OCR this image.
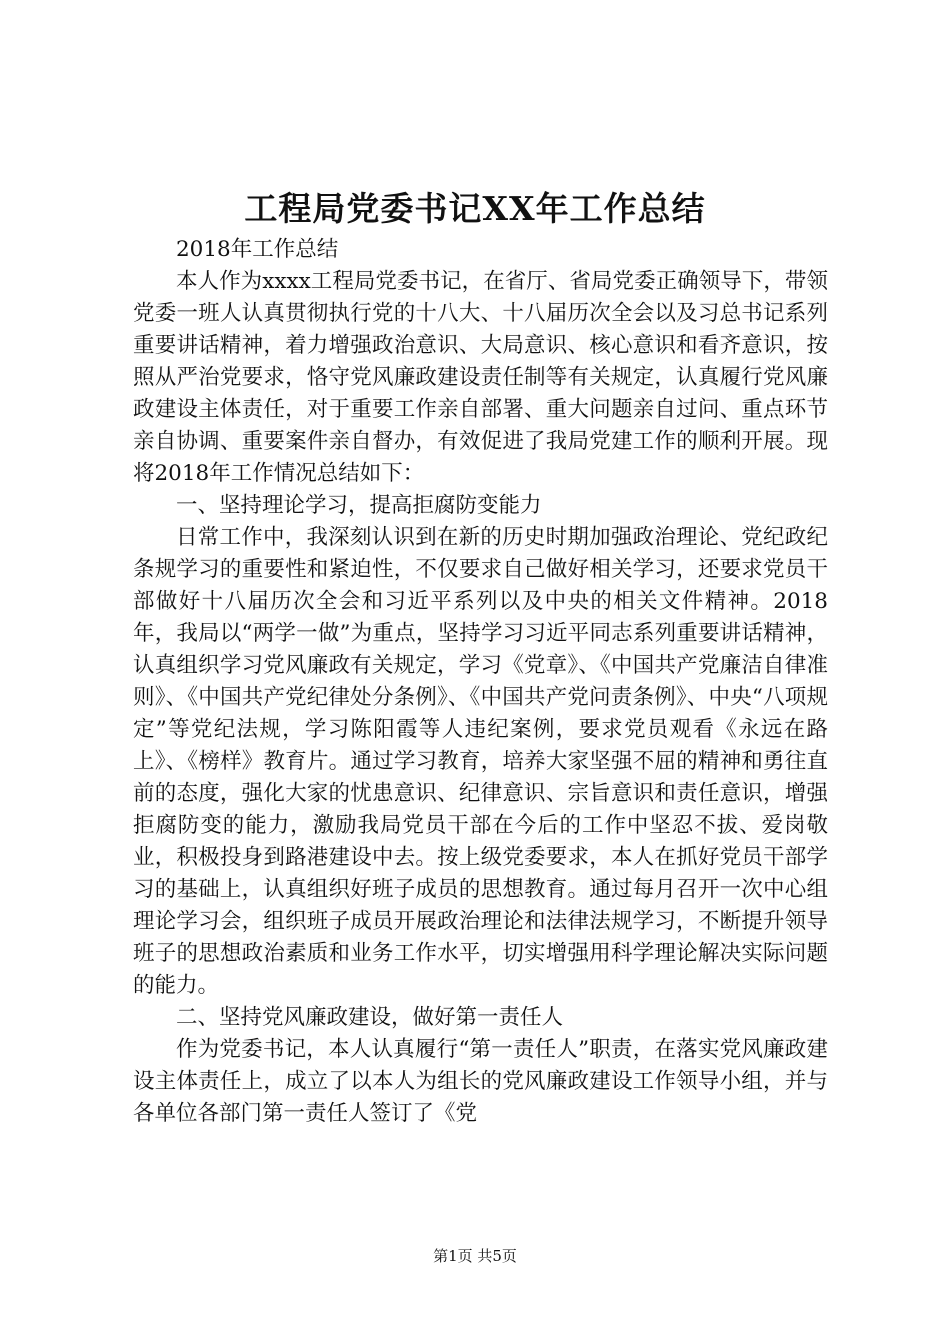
工程局党委书记XX年工作总结

2018年工作总结

本人作为xxxx工程局党委书记，在省厅、省局党委正确领导下，带领党委一班人认真贯彻执行党的十八大、十八届历次全会以及习总书记系列重要讲话精神，着力增强政治意识、大局意识、核心意识和看齐意识，按照从严治党要求，恪守党风廉政建设责任制等有关规定，认真履行党风廉政建设主体责任，对于重要工作亲自部署、重大问题亲自过问、重点环节亲自协调、重要案件亲自督办，有效促进了我局党建工作的顺利开展。现将2018年工作情况总结如下：

一、坚持理论学习，提高拒腐防变能力

日常工作中，我深刻认识到在新的历史时期加强政治理论、党纪政纪条规学习的重要性和紧迫性，不仅要求自己做好相关学习，还要求党员干部做好十八届历次全会和习近平系列以及中央的相关文件精神。2018年，我局以“两学一做”为重点，坚持学习习近平同志系列重要讲话精神，认真组织学习党风廉政有关规定，学习《党章》、《中国共产党廉洁自律准则》、《中国共产党纪律处分条例》、《中国共产党问责条例》、中央“八项规定”等党纪法规，学习陈阳霞等人违纪案例，要求党员观看《永远在路上》、《榜样》教育片。通过学习教育，培养大家坚强不屈的精神和勇往直前的态度，强化大家的忧患意识、纪律意识、宗旨意识和责任意识，增强拒腐防变的能力，激励我局党员干部在今后的工作中坚忍不拔、爱岗敬业，积极投身到路港建设中去。按上级党委要求，本人在抓好党员干部学习的基础上，认真组织好班子成员的思想教育。通过每月召开一次中心组理论学习会，组织班子成员开展政治理论和法律法规学习，不断提升领导班子的思想政治素质和业务工作水平，切实增强用科学理论解决实际问题的能力。

二、坚持党风廉政建设，做好第一责任人

作为党委书记，本人认真履行“第一责任人”职责，在落实党风廉政建设主体责任上，成立了以本人为组长的党风廉政建设工作领导小组，并与各单位各部门第一责任人签订了《党

第1页 共5页
